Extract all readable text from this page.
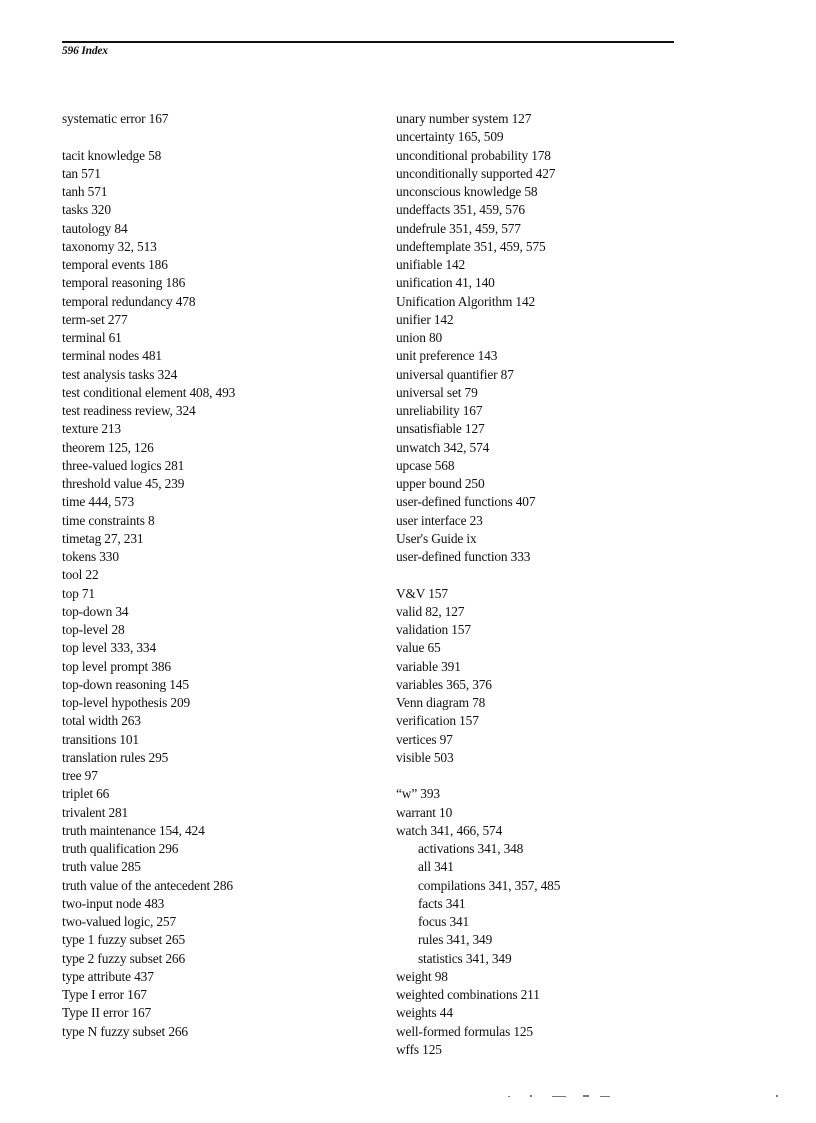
596 Index
systematic error 167
tacit knowledge 58
tan 571
tanh 571
tasks 320
tautology 84
taxonomy 32, 513
temporal events 186
temporal reasoning 186
temporal redundancy 478
term-set 277
terminal 61
terminal nodes 481
test analysis tasks 324
test conditional element 408, 493
test readiness review, 324
texture 213
theorem 125, 126
three-valued logics 281
threshold value 45, 239
time 444, 573
time constraints 8
timetag 27, 231
tokens 330
tool 22
top 71
top-down 34
top-level 28
top level 333, 334
top level prompt 386
top-down reasoning 145
top-level hypothesis 209
total width 263
transitions 101
translation rules 295
tree 97
triplet 66
trivalent 281
truth maintenance 154, 424
truth qualification 296
truth value 285
truth value of the antecedent 286
two-input node 483
two-valued logic, 257
type 1 fuzzy subset 265
type 2 fuzzy subset 266
type attribute 437
Type I error 167
Type II error 167
type N fuzzy subset 266
unary number system 127
uncertainty 165, 509
unconditional probability 178
unconditionally supported 427
unconscious knowledge 58
undeffacts 351, 459, 576
undefrule 351, 459, 577
undeftemplate 351, 459, 575
unifiable 142
unification 41, 140
Unification Algorithm 142
unifier 142
union 80
unit preference 143
universal quantifier 87
universal set 79
unreliability 167
unsatisfiable 127
unwatch 342, 574
upcase 568
upper bound 250
user-defined functions 407
user interface 23
User's Guide ix
user-defined function 333
V&V 157
valid 82, 127
validation 157
value 65
variable 391
variables 365, 376
Venn diagram 78
verification 157
vertices 97
visible 503
“w” 393
warrant 10
watch 341, 466, 574
activations 341, 348
all 341
compilations 341, 357, 485
facts 341
focus 341
rules 341, 349
statistics 341, 349
weight 98
weighted combinations 211
weights 44
well-formed formulas 125
wffs 125
